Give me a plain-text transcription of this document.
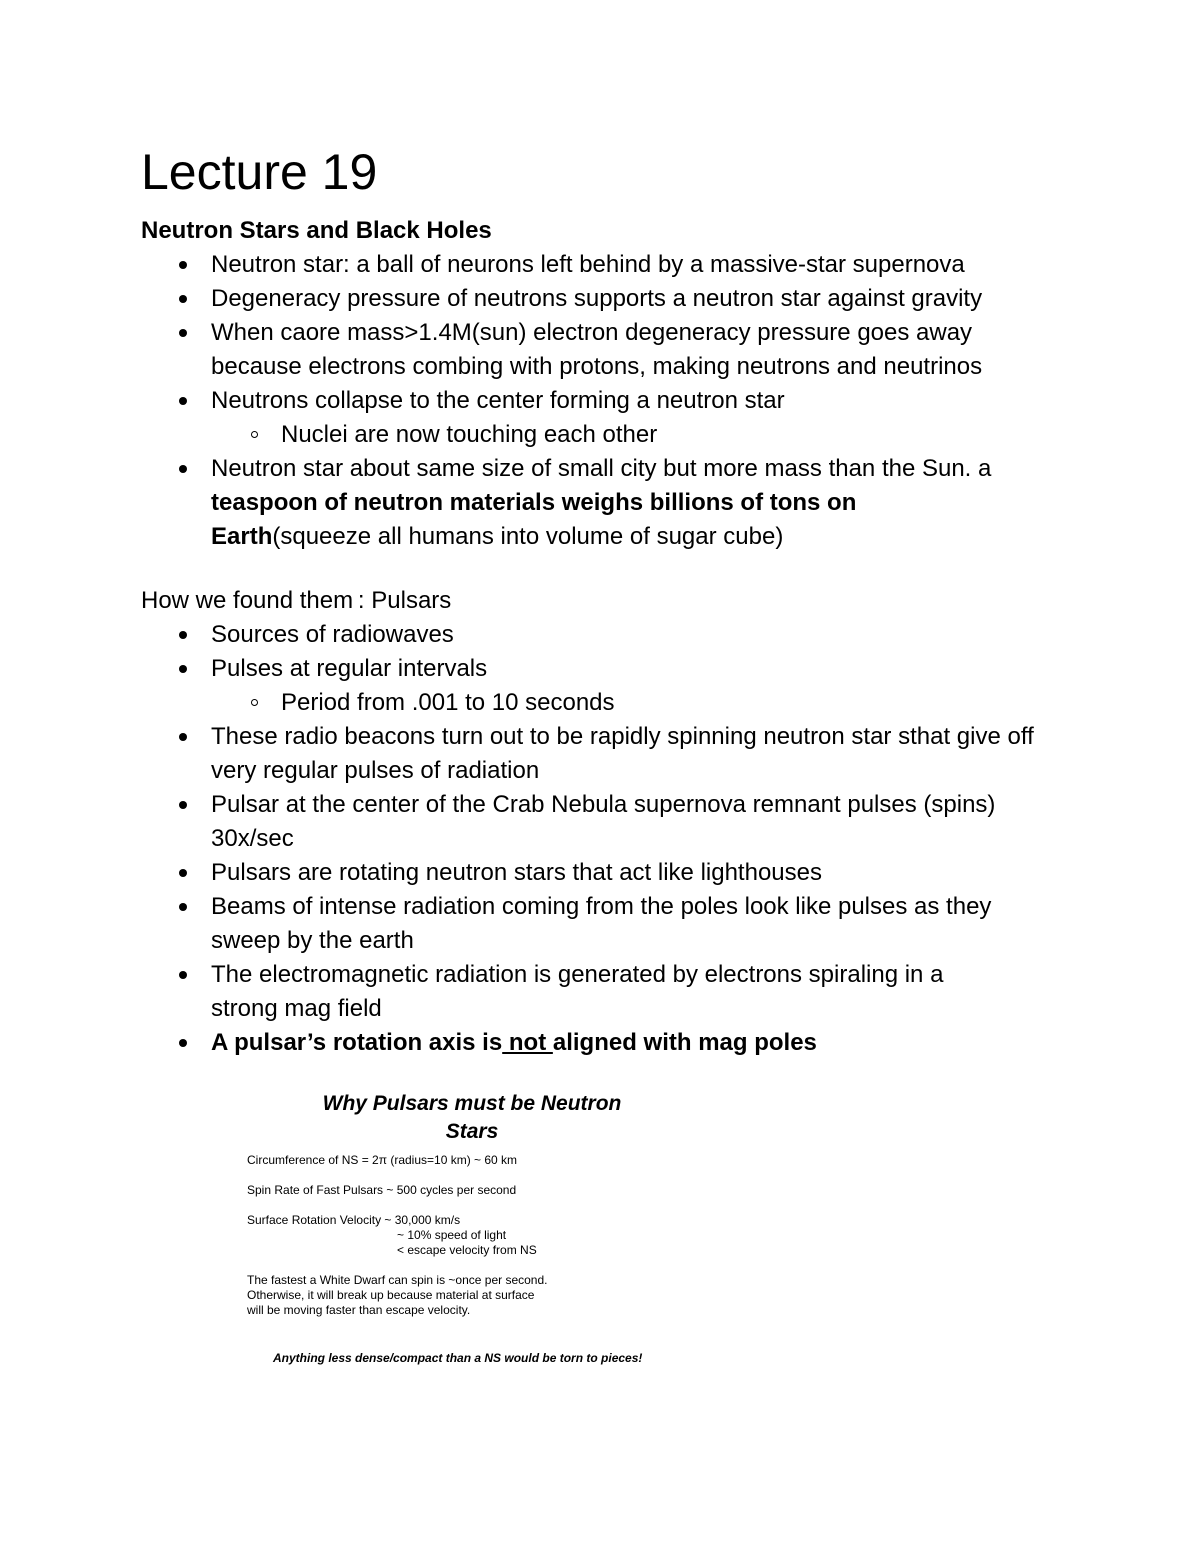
Lecture 19
Neutron Stars and Black Holes
Neutron star: a ball of neurons left behind by a massive-star supernova
Degeneracy pressure of neutrons supports a neutron star against gravity
When caore mass>1.4M(sun) electron degeneracy pressure goes away because electrons combing with protons, making neutrons and neutrinos
Neutrons collapse to the center forming a neutron star
Nuclei are now touching each other
Neutron star about same size of small city but more mass than the Sun. a teaspoon of neutron materials weighs billions of tons on Earth(squeeze all humans into volume of sugar cube)
How we found them : Pulsars
Sources of radiowaves
Pulses at regular intervals
Period from .001 to 10 seconds
These radio beacons turn out to be rapidly spinning neutron star sthat give off very regular pulses of radiation
Pulsar at the center of the Crab Nebula supernova remnant pulses (spins) 30x/sec
Pulsars are rotating neutron stars that act like lighthouses
Beams of intense radiation coming from the poles look like pulses as they sweep by the earth
The electromagnetic radiation is generated by electrons spiraling in a strong mag field
A pulsar’s rotation axis is not aligned with mag poles
Why Pulsars must be Neutron
Stars
Circumference of NS = 2π (radius=10 km) ~ 60 km
Spin Rate of Fast Pulsars ~ 500 cycles per second
Surface Rotation Velocity ~ 30,000 km/s
~ 10% speed of light
< escape velocity from NS
The fastest a White Dwarf can spin is ~once per second.
Otherwise, it will break up because material at surface
will be moving faster than escape velocity.
Anything less dense/compact than a NS would be torn to pieces!
